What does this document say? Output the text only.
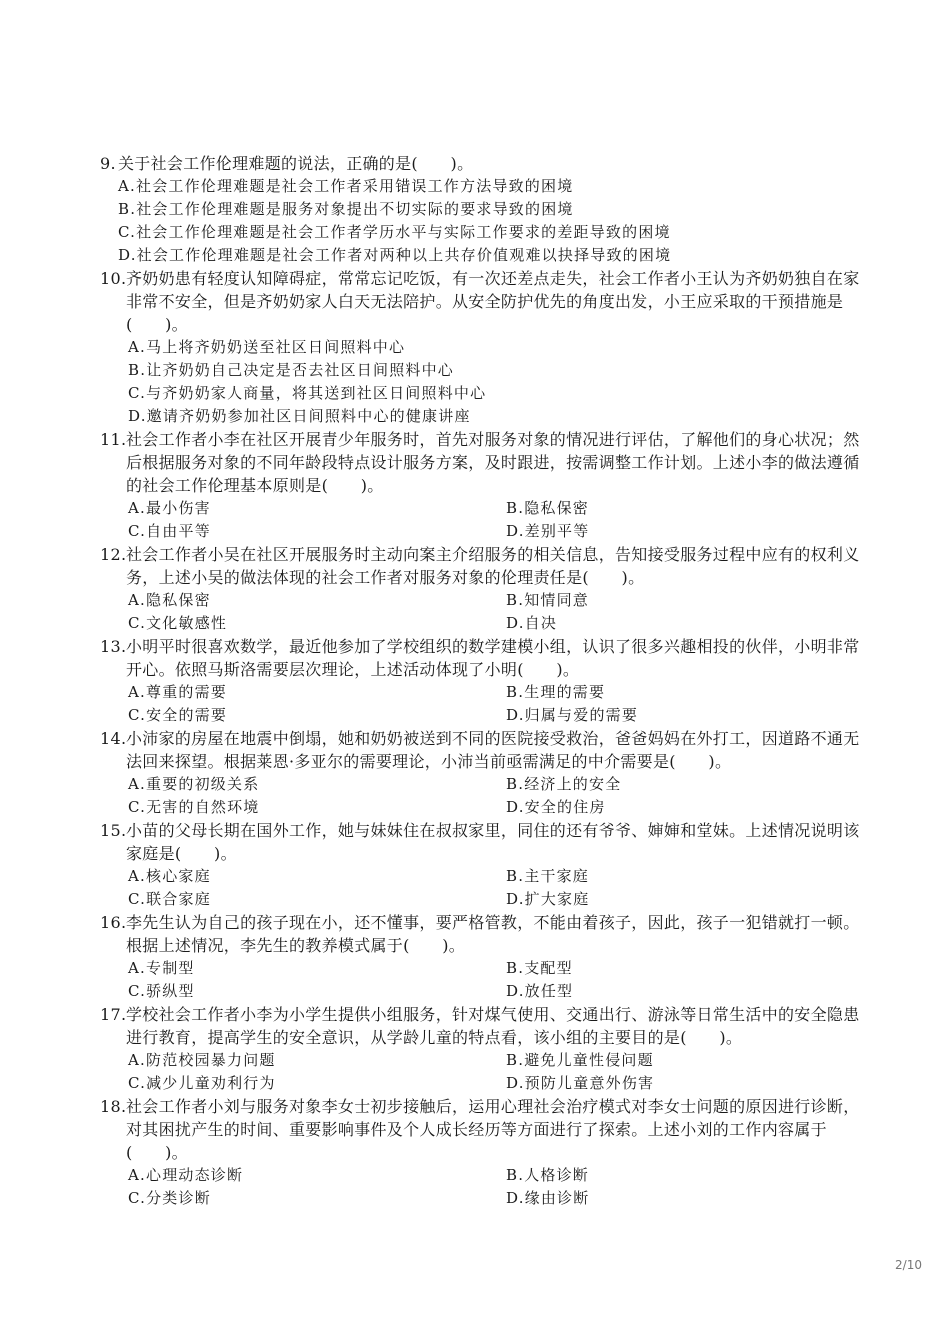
9. 关于社会工作伦理难题的说法，正确的是(　　)。
A.社会工作伦理难题是社会工作者采用错误工作方法导致的困境
B.社会工作伦理难题是服务对象提出不切实际的要求导致的困境
C.社会工作伦理难题是社会工作者学历水平与实际工作要求的差距导致的困境
D.社会工作伦理难题是社会工作者对两种以上共存价值观难以抉择导致的困境
10.齐奶奶患有轻度认知障碍症，常常忘记吃饭，有一次还差点走失，社会工作者小王认为齐奶奶独自在家非常不安全，但是齐奶奶家人白天无法陪护。从安全防护优先的角度出发，小王应采取的干预措施是(　　)。
A.马上将齐奶奶送至社区日间照料中心
B.让齐奶奶自己决定是否去社区日间照料中心
C.与齐奶奶家人商量，将其送到社区日间照料中心
D.邀请齐奶奶参加社区日间照料中心的健康讲座
11.社会工作者小李在社区开展青少年服务时，首先对服务对象的情况进行评估，了解他们的身心状况；然后根据服务对象的不同年龄段特点设计服务方案，及时跟进，按需调整工作计划。上述小李的做法遵循的社会工作伦理基本原则是(　　)。
A.最小伤害	B.隐私保密
C.自由平等	D.差别平等
12.社会工作者小吴在社区开展服务时主动向案主介绍服务的相关信息，告知接受服务过程中应有的权利义务，上述小吴的做法体现的社会工作者对服务对象的伦理责任是(　　)。
A.隐私保密	B.知情同意
C.文化敏感性	D.自决
13.小明平时很喜欢数学，最近他参加了学校组织的数学建模小组，认识了很多兴趣相投的伙伴，小明非常开心。依照马斯洛需要层次理论，上述活动体现了小明(　　)。
A.尊重的需要	B.生理的需要
C.安全的需要	D.归属与爱的需要
14.小沛家的房屋在地震中倒塌，她和奶奶被送到不同的医院接受救治，爸爸妈妈在外打工，因道路不通无法回来探望。根据莱恩·多亚尔的需要理论，小沛当前亟需满足的中介需要是(　　)。
A.重要的初级关系	B.经济上的安全
C.无害的自然环境	D.安全的住房
15.小苗的父母长期在国外工作，她与妹妹住在叔叔家里，同住的还有爷爷、婶婶和堂妹。上述情况说明该家庭是(　　)。
A.核心家庭	B.主干家庭
C.联合家庭	D.扩大家庭
16.李先生认为自己的孩子现在小，还不懂事，要严格管教，不能由着孩子，因此，孩子一犯错就打一顿。根据上述情况，李先生的教养模式属于(　　)。
A.专制型	B.支配型
C.骄纵型	D.放任型
17.学校社会工作者小李为小学生提供小组服务，针对煤气使用、交通出行、游泳等日常生活中的安全隐患进行教育，提高学生的安全意识，从学龄儿童的特点看，该小组的主要目的是(　　)。
A.防范校园暴力问题	B.避免儿童性侵问题
C.减少儿童劝利行为	D.预防儿童意外伤害
18.社会工作者小刘与服务对象李女士初步接触后，运用心理社会治疗模式对李女士问题的原因进行诊断，对其困扰产生的时间、重要影响事件及个人成长经历等方面进行了探索。上述小刘的工作内容属于(　　)。
A.心理动态诊断	B.人格诊断
C.分类诊断	D.缘由诊断
2/10
